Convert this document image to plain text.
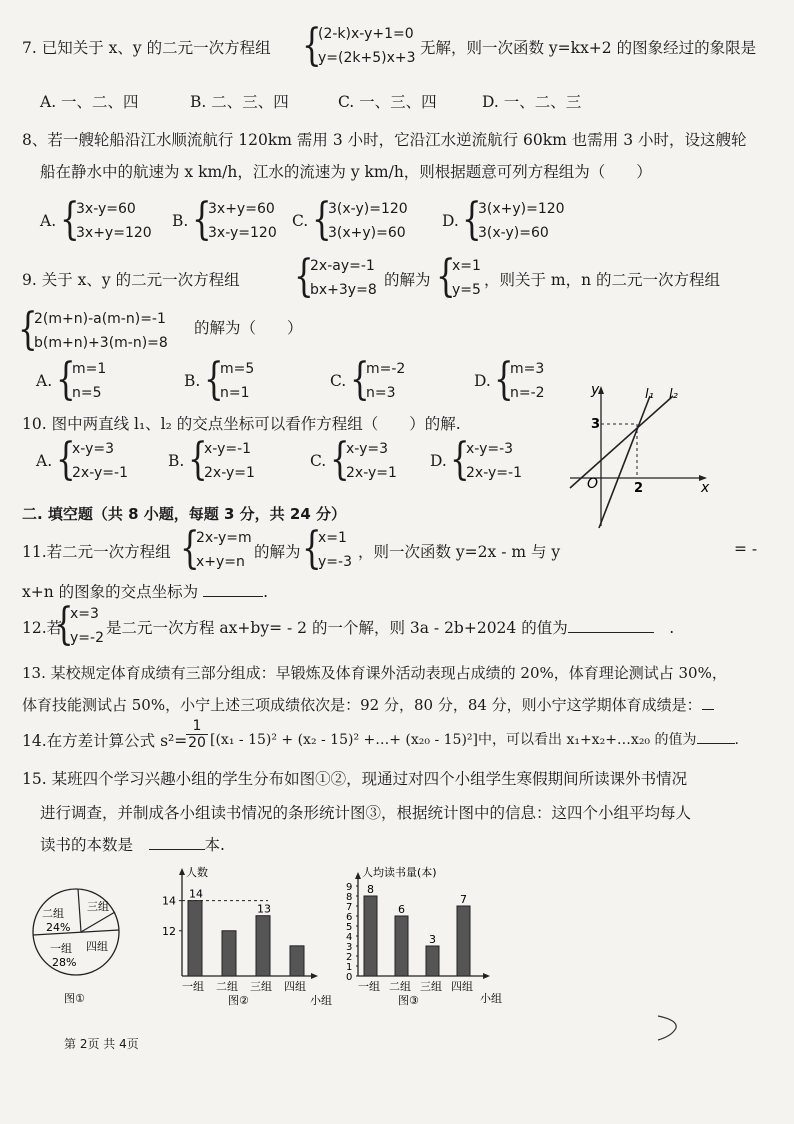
7. 已知关于 x、y 的二元一次方程组 {
(2-k)x-y+1=0
y=(2k+5)x+3
无解，则一次函数 y=kx+2 的图象经过的象限是
A. 一、二、四	B. 二、三、四	C. 一、三、四	D. 一、二、三
8、若一艘轮船沿江水顺流航行 120km 需用 3 小时，它沿江水逆流航行 60km 也需用 3 小时，设这艘轮
船在静水中的航速为 x km/h，江水的流速为 y km/h，则根据题意可列方程组为（　　）
A. {
3x-y=60
3x+y=120
B. {
3x+y=60
3x-y=120
C. {
3(x-y)=120
3(x+y)=60
D. {
3(x+y)=120
3(x-y)=60
9. 关于 x、y 的二元一次方程组 {
2x-ay=-1
bx+3y=8
的解为 {
x=1
y=5
，则关于 m，n 的二元一次方程组
{
2(m+n)-a(m-n)=-1
b(m+n)+3(m-n)=8
的解为（　　）
A. {
m=1
n=5
B. {
m=5
n=1
C. {
m=-2
n=3
D. {
m=3
n=-2
10. 图中两直线 l₁、l₂ 的交点坐标可以看作方程组（　　）的解.
A. {
x-y=3
2x-y=-1
B. {
x-y=-1
2x-y=1
C. {
x-y=3
2x-y=1
D. {
x-y=-3
2x-y=-1
y
x
O
l₁ l₂
3
2
二. 填空题（共 8 小题，每题 3 分，共 24 分）
11.若二元一次方程组 {
2x-y=m
x+y=n
的解为 {
x=1
y=-3
，则一次函数 y=2x - m 与 y	= -
x+n 的图象的交点坐标为	.
12.若
{
x=3
y=-2
是二元一次方程 ax+by= - 2 的一个解，则 3a - 2b+2024 的值为	　.
13. 某校规定体育成绩有三部分组成：早锻炼及体育课外活动表现占成绩的 20%，体育理论测试占 30%，
体育技能测试占 50%，小宁上述三项成绩依次是：92 分，80 分，84 分，则小宁这学期体育成绩是：
14.在方差计算公式 s²=
1
20 [(x₁ - 15)² + (x₂ - 15)² +…+ (x₂₀ - 15)²]中，可以看出 x₁+x₂+…x₂₀ 的值为	.
15. 某班四个学习兴趣小组的学生分布如图①②，现通过对四个小组学生寒假期间所读课外书情况
进行调查，并制成各小组读书情况的条形统计图③，根据统计图中的信息：这四个小组平均每人
读书的本数是　	本.
二组
24%
三组
四组
一组
28%
图①
人数
小组
14
12
14
一组 二组
13
三组 四组
图②
人均读书量(本)
小组
0
1
2
3
4
5
6
7
8
9 8
一组
6
二组
3
三组
7
四组
图③
第 2页 共 4页
